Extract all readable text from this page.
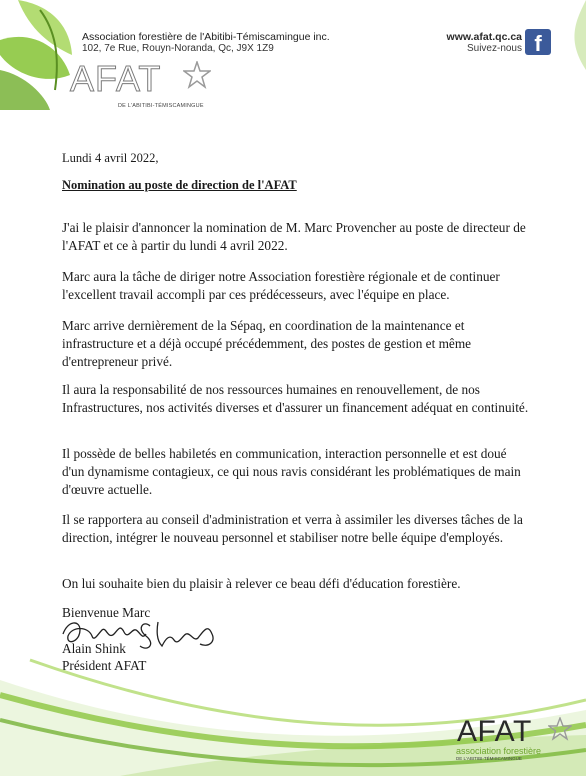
Association forestière de l'Abitibi-Témiscamingue inc.
102, 7e Rue, Rouyn-Noranda, Qc, J9X 1Z9
AFAT
DE L'ABITIBI-TÉMISCAMINGUE
www.afat.qc.ca
Suivez-nous f
Lundi 4 avril 2022,
Nomination au poste de direction de l'AFAT
J'ai le plaisir d'annoncer la nomination de M. Marc Provencher au poste de directeur de l'AFAT et ce à partir du lundi 4 avril 2022.
Marc aura la tâche de diriger notre Association forestière régionale et de continuer l'excellent travail accompli par ces prédécesseurs, avec l'équipe en place.
Marc arrive dernièrement de la Sépaq, en coordination de la maintenance et infrastructure et a déjà occupé précédemment, des postes de gestion et même d'entrepreneur privé.
Il aura la responsabilité de nos ressources humaines en renouvellement, de nos Infrastructures, nos activités diverses et d'assurer un financement adéquat en continuité.
Il possède de belles habiletés en communication, interaction personnelle et est doué d'un dynamisme contagieux, ce qui nous ravis considérant les problématiques de main d'œuvre actuelle.
Il se rapportera au conseil d'administration et verra à assimiler les diverses tâches de la direction, intégrer le nouveau personnel et stabiliser notre belle équipe d'employés.
On lui souhaite bien du plaisir à relever ce beau défi d'éducation forestière.
Bienvenue Marc
Alain Shink
Président AFAT
AFAT
association forestière
DE L'ABITIBI-TÉMISCAMINGUE
